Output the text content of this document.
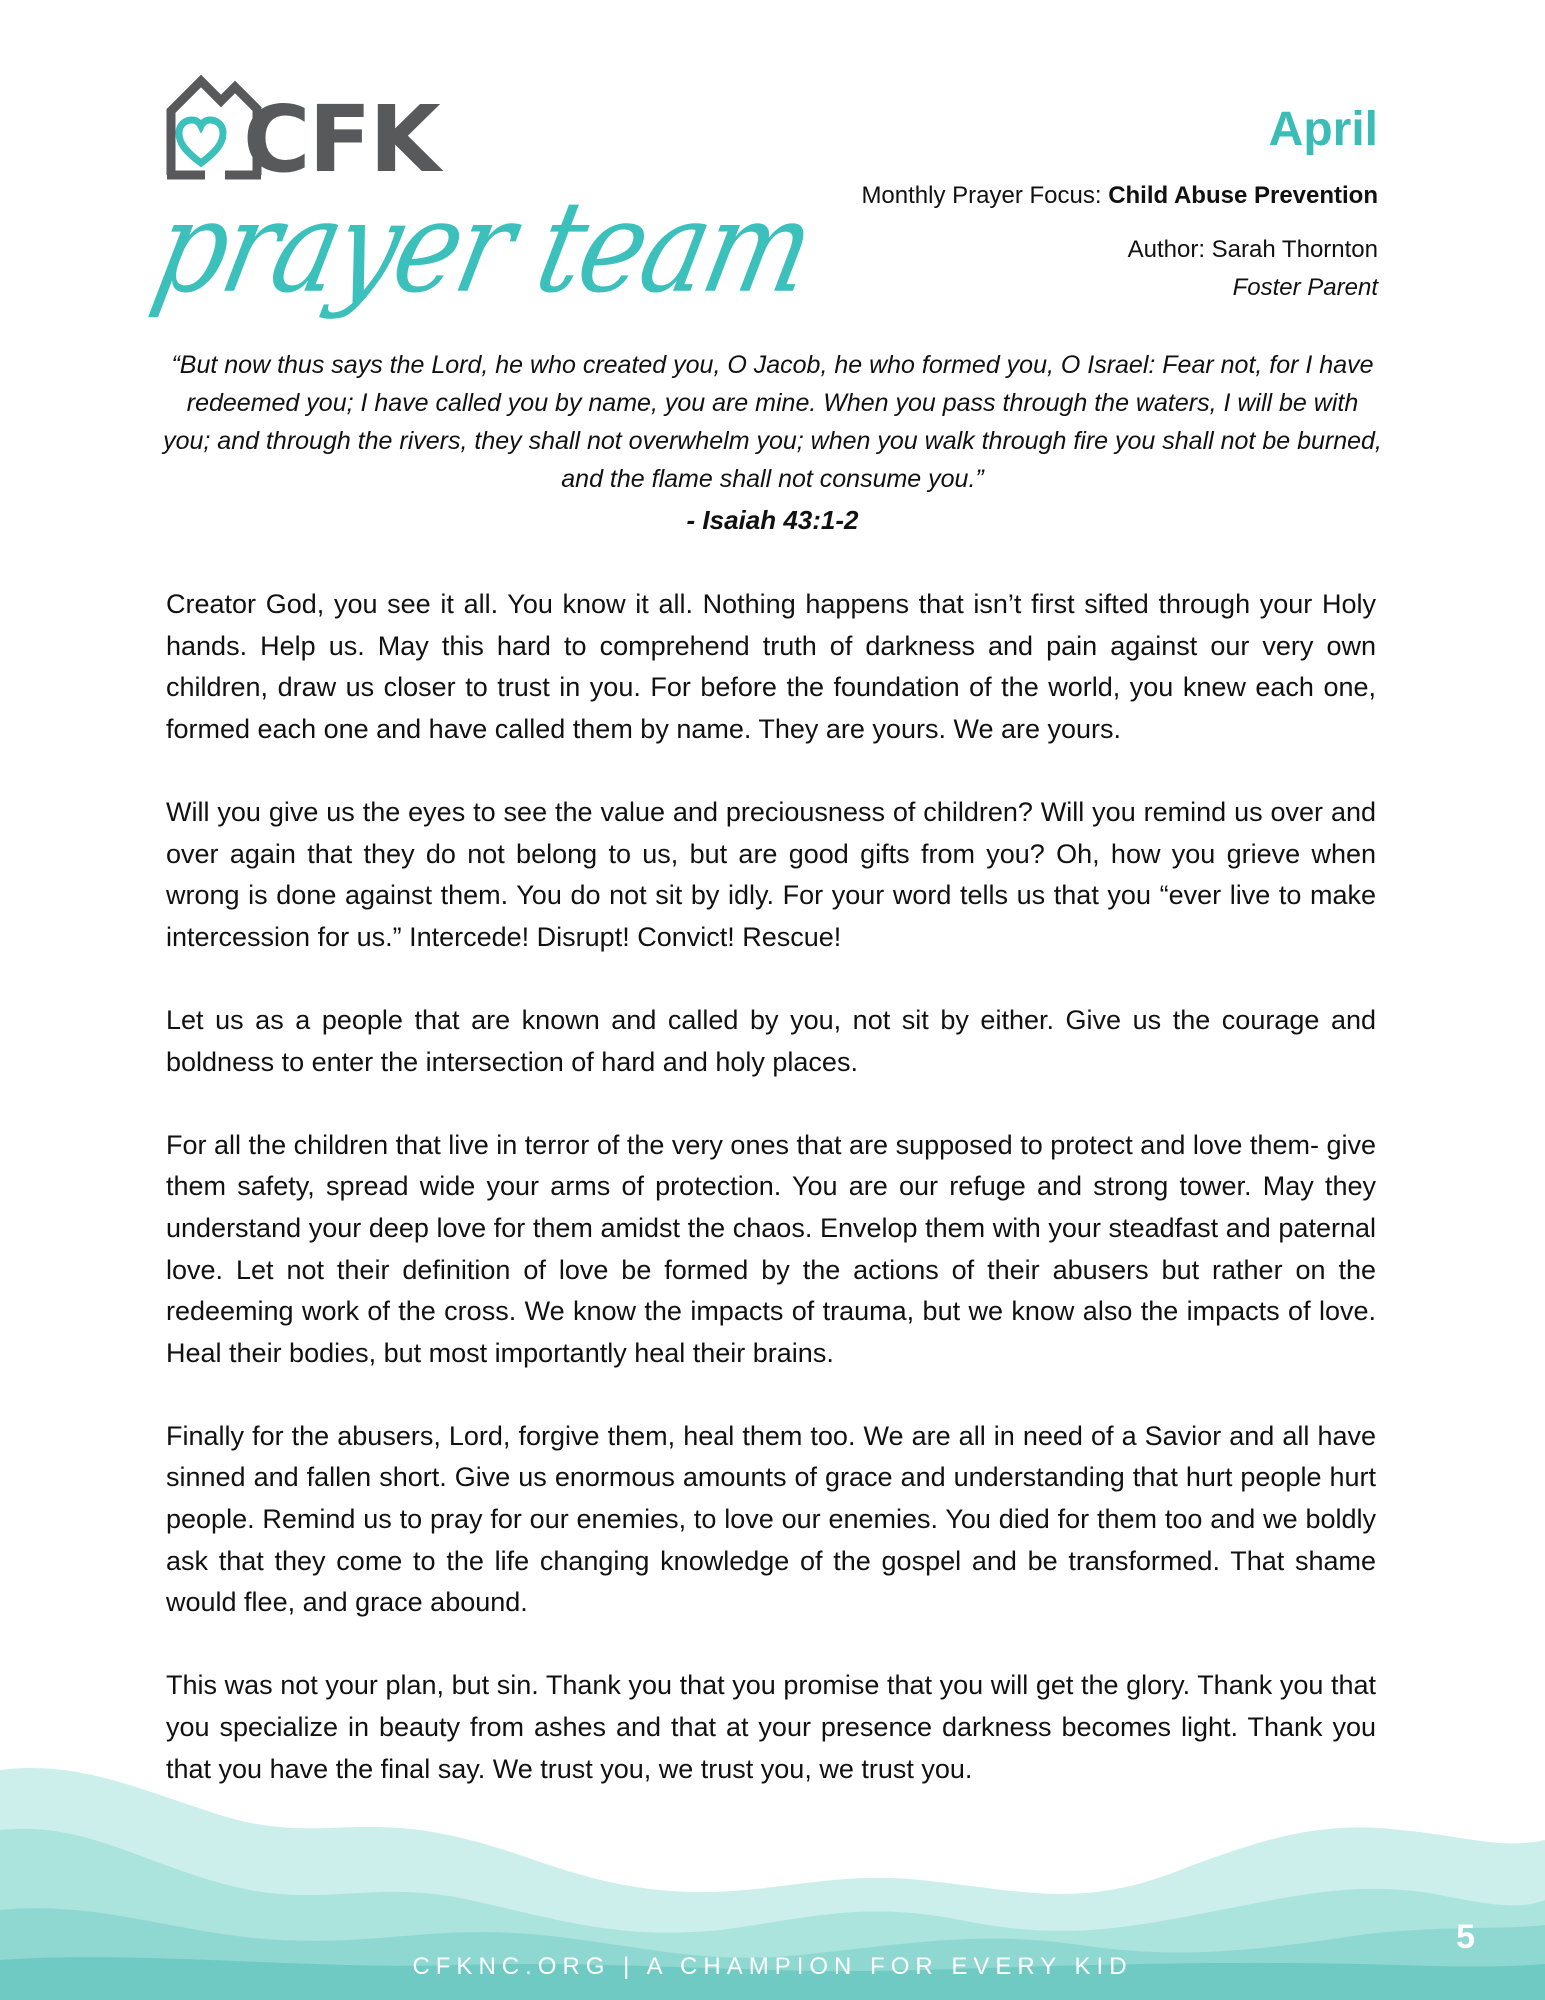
CFK
prayer team
April
Monthly Prayer Focus: Child Abuse Prevention
Author: Sarah Thornton
Foster Parent
“But now thus says the Lord, he who created you, O Jacob, he who formed you, O Israel: Fear not, for I have redeemed you; I have called you by name, you are mine. When you pass through the waters, I will be with you; and through the rivers, they shall not overwhelm you; when you walk through fire you shall not be burned, and the flame shall not consume you.”
- Isaiah 43:1-2

Creator God, you see it all. You know it all. Nothing happens that isn’t first sifted through your Holy hands. Help us. May this hard to comprehend truth of darkness and pain against our very own children, draw us closer to trust in you. For before the foundation of the world, you knew each one, formed each one and have called them by name. They are yours. We are yours.

Will you give us the eyes to see the value and preciousness of children? Will you remind us over and over again that they do not belong to us, but are good gifts from you? Oh, how you grieve when wrong is done against them. You do not sit by idly. For your word tells us that you “ever live to make intercession for us.” Intercede! Disrupt! Convict! Rescue!

Let us as a people that are known and called by you, not sit by either. Give us the courage and boldness to enter the intersection of hard and holy places.

For all the children that live in terror of the very ones that are supposed to protect and love them- give them safety, spread wide your arms of protection. You are our refuge and strong tower. May they understand your deep love for them amidst the chaos. Envelop them with your steadfast and paternal love. Let not their definition of love be formed by the actions of their abusers but rather on the redeeming work of the cross. We know the impacts of trauma, but we know also the impacts of love. Heal their bodies, but most importantly heal their brains.

Finally for the abusers, Lord, forgive them, heal them too. We are all in need of a Savior and all have sinned and fallen short. Give us enormous amounts of grace and understanding that hurt people hurt people. Remind us to pray for our enemies, to love our enemies. You died for them too and we boldly ask that they come to the life changing knowledge of the gospel and be transformed. That shame would flee, and grace abound.

This was not your plan, but sin. Thank you that you promise that you will get the glory. Thank you that you specialize in beauty from ashes and that at your presence darkness becomes light. Thank you that you have the final say. We trust you, we trust you, we trust you.

CFKNC.ORG | A CHAMPION FOR EVERY KID
5
